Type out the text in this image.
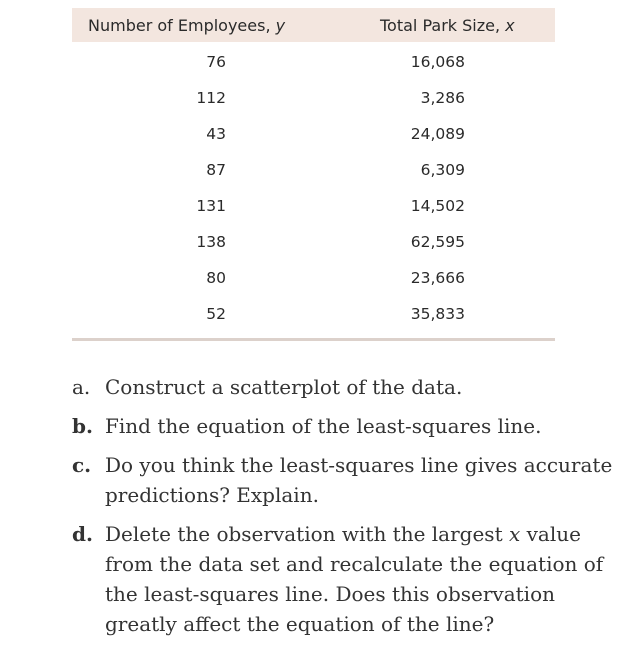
Number of Employees, y	Total Park Size, x
76	16,068
112	3,286
43	24,089
87	6,309
131	14,502
138	62,595
80	23,666
52	35,833
a. Construct a scatterplot of the data.
b. Find the equation of the least-squares line.
c. Do you think the least-squares line gives accurate predictions? Explain.
d. Delete the observation with the largest x value from the data set and recalculate the equation of the least-squares line. Does this observation greatly affect the equation of the line?
